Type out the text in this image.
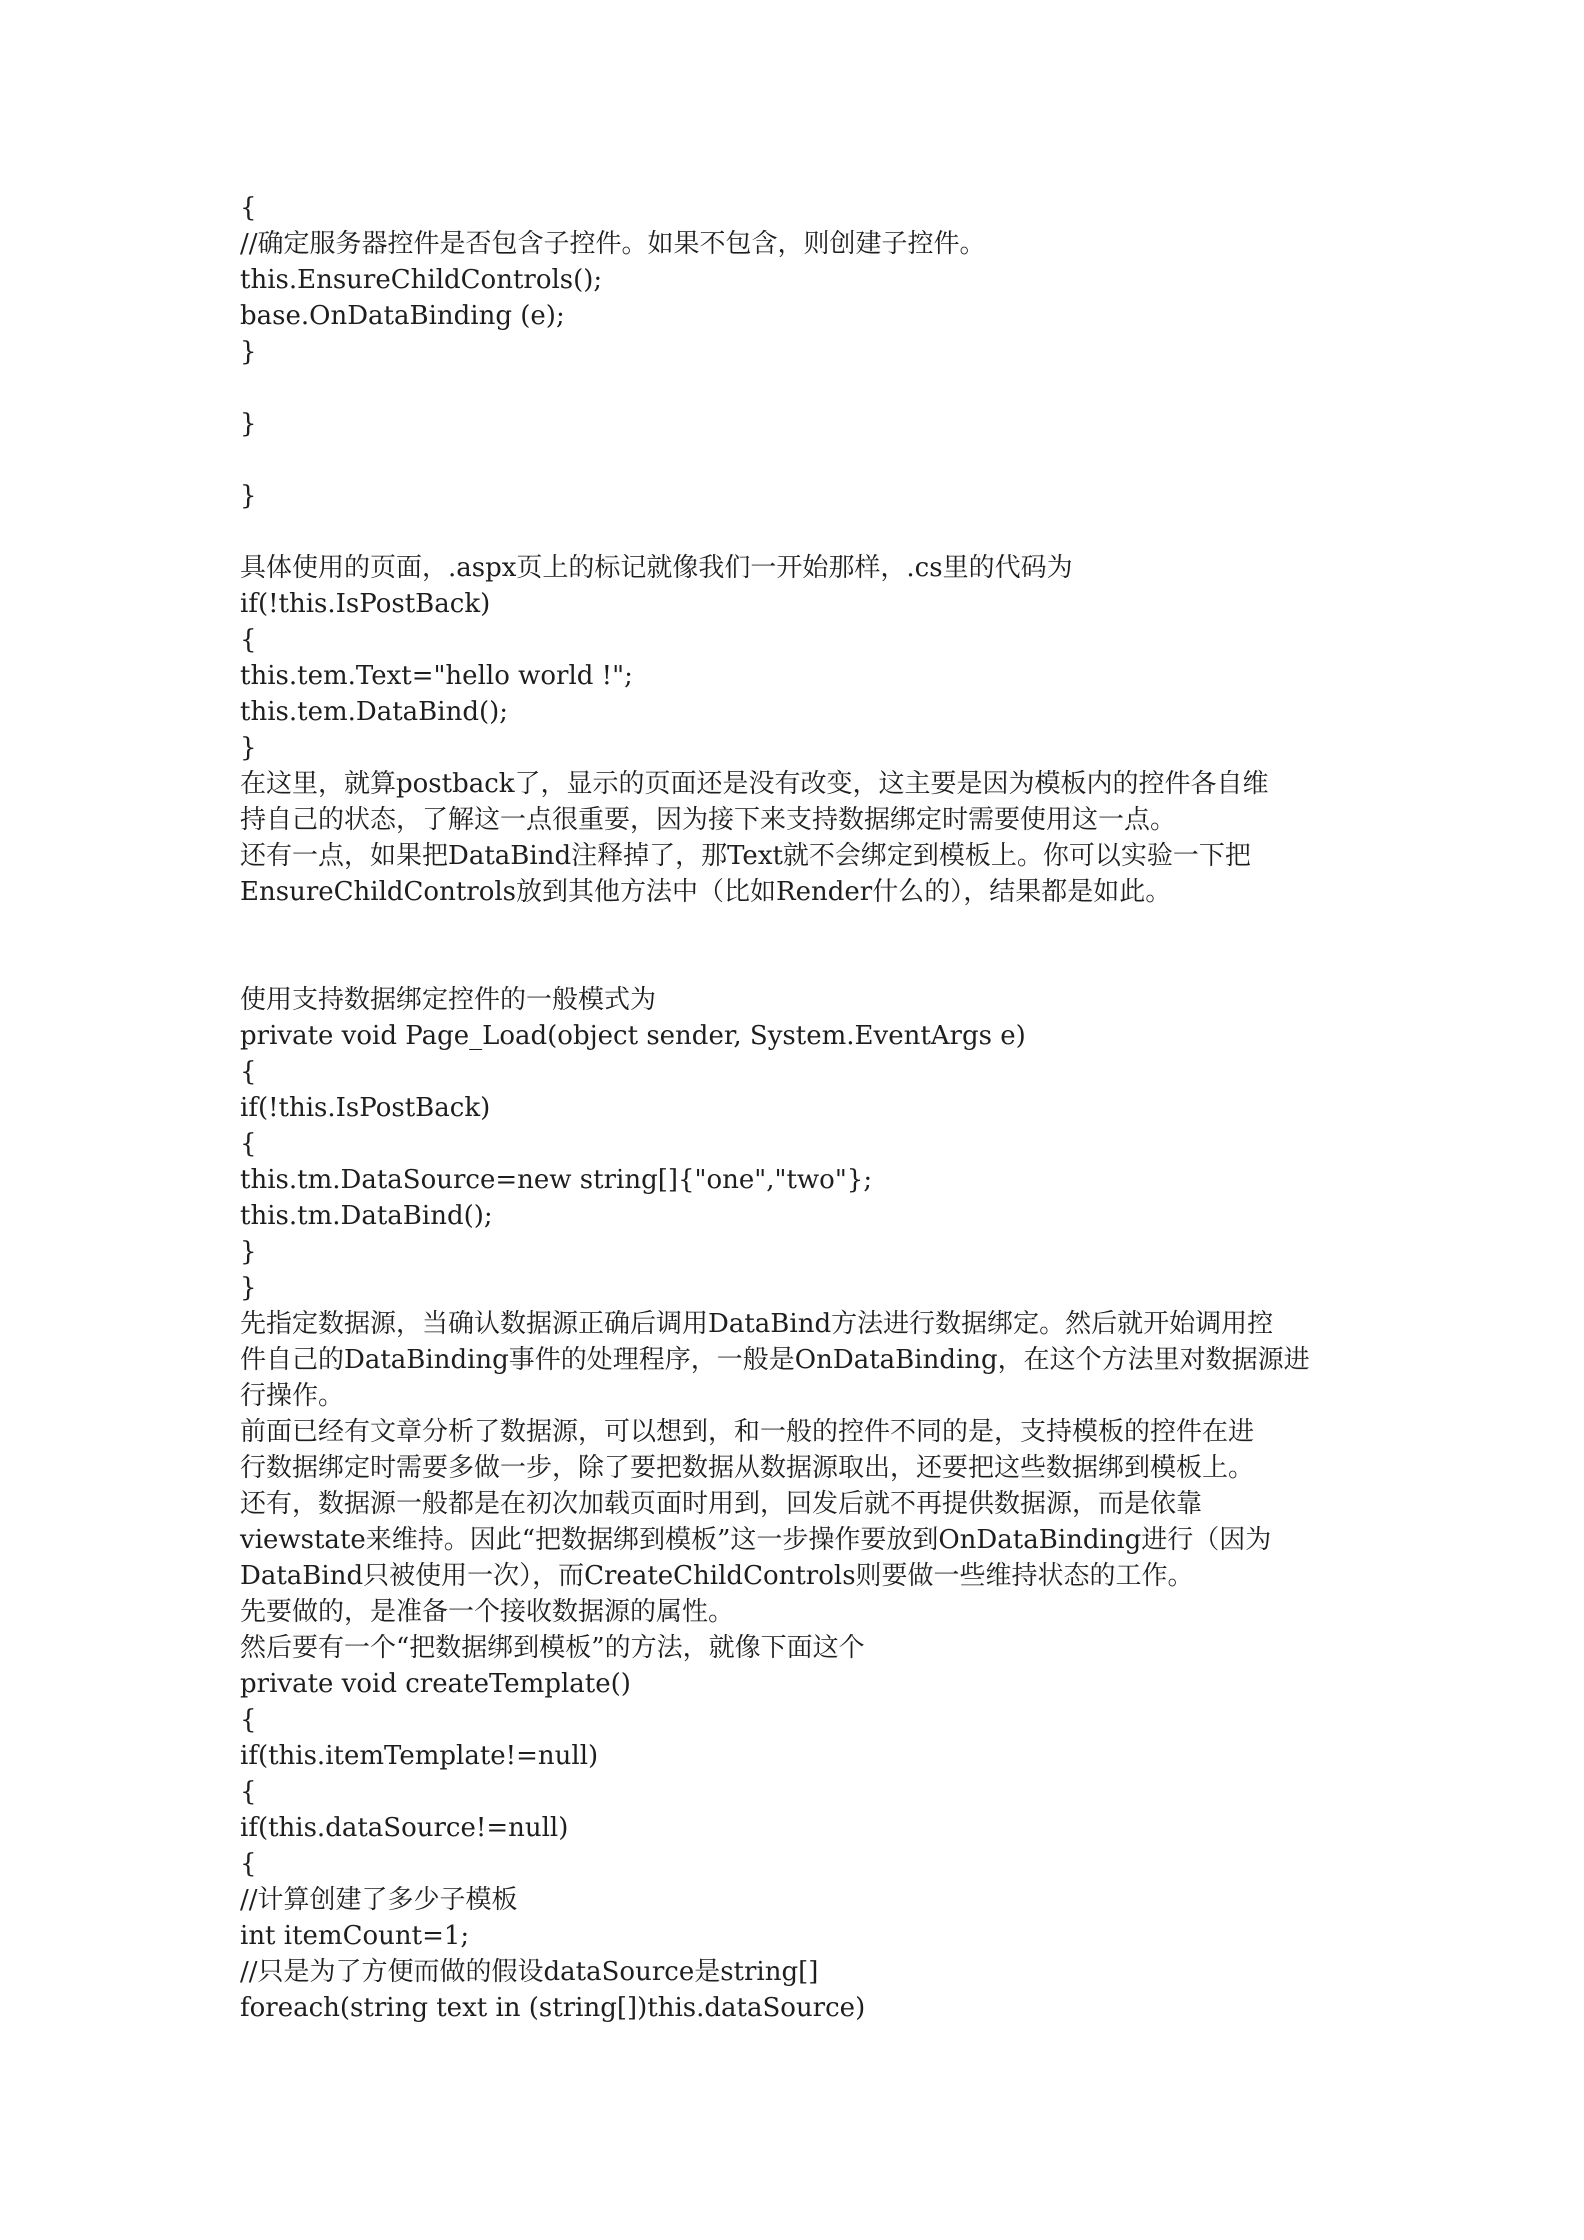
{
//确定服务器控件是否包含子控件。如果不包含，则创建子控件。
this.EnsureChildControls();
base.OnDataBinding (e);
}
}
}
具体使用的页面，.aspx页上的标记就像我们一开始那样，.cs里的代码为
if(!this.IsPostBack)
{
this.tem.Text="hello world !";
this.tem.DataBind();
}
在这里，就算postback了，显示的页面还是没有改变，这主要是因为模板内的控件各自维
持自己的状态，了解这一点很重要，因为接下来支持数据绑定时需要使用这一点。
还有一点，如果把DataBind注释掉了，那Text就不会绑定到模板上。你可以实验一下把
EnsureChildControls放到其他方法中（比如Render什么的），结果都是如此。
使用支持数据绑定控件的一般模式为
private void Page_Load(object sender, System.EventArgs e)
{
if(!this.IsPostBack)
{
this.tm.DataSource=new string[]{"one","two"};
this.tm.DataBind();
}
}
先指定数据源，当确认数据源正确后调用DataBind方法进行数据绑定。然后就开始调用控
件自己的DataBinding事件的处理程序，一般是OnDataBinding，在这个方法里对数据源进
行操作。
前面已经有文章分析了数据源，可以想到，和一般的控件不同的是，支持模板的控件在进
行数据绑定时需要多做一步，除了要把数据从数据源取出，还要把这些数据绑到模板上。
还有，数据源一般都是在初次加载页面时用到，回发后就不再提供数据源，而是依靠
viewstate来维持。因此“把数据绑到模板”这一步操作要放到OnDataBinding进行（因为
DataBind只被使用一次），而CreateChildControls则要做一些维持状态的工作。
先要做的，是准备一个接收数据源的属性。
然后要有一个“把数据绑到模板”的方法，就像下面这个
private void createTemplate()
{
if(this.itemTemplate!=null)
{
if(this.dataSource!=null)
{
//计算创建了多少子模板
int itemCount=1;
//只是为了方便而做的假设dataSource是string[]
foreach(string text in (string[])this.dataSource)
